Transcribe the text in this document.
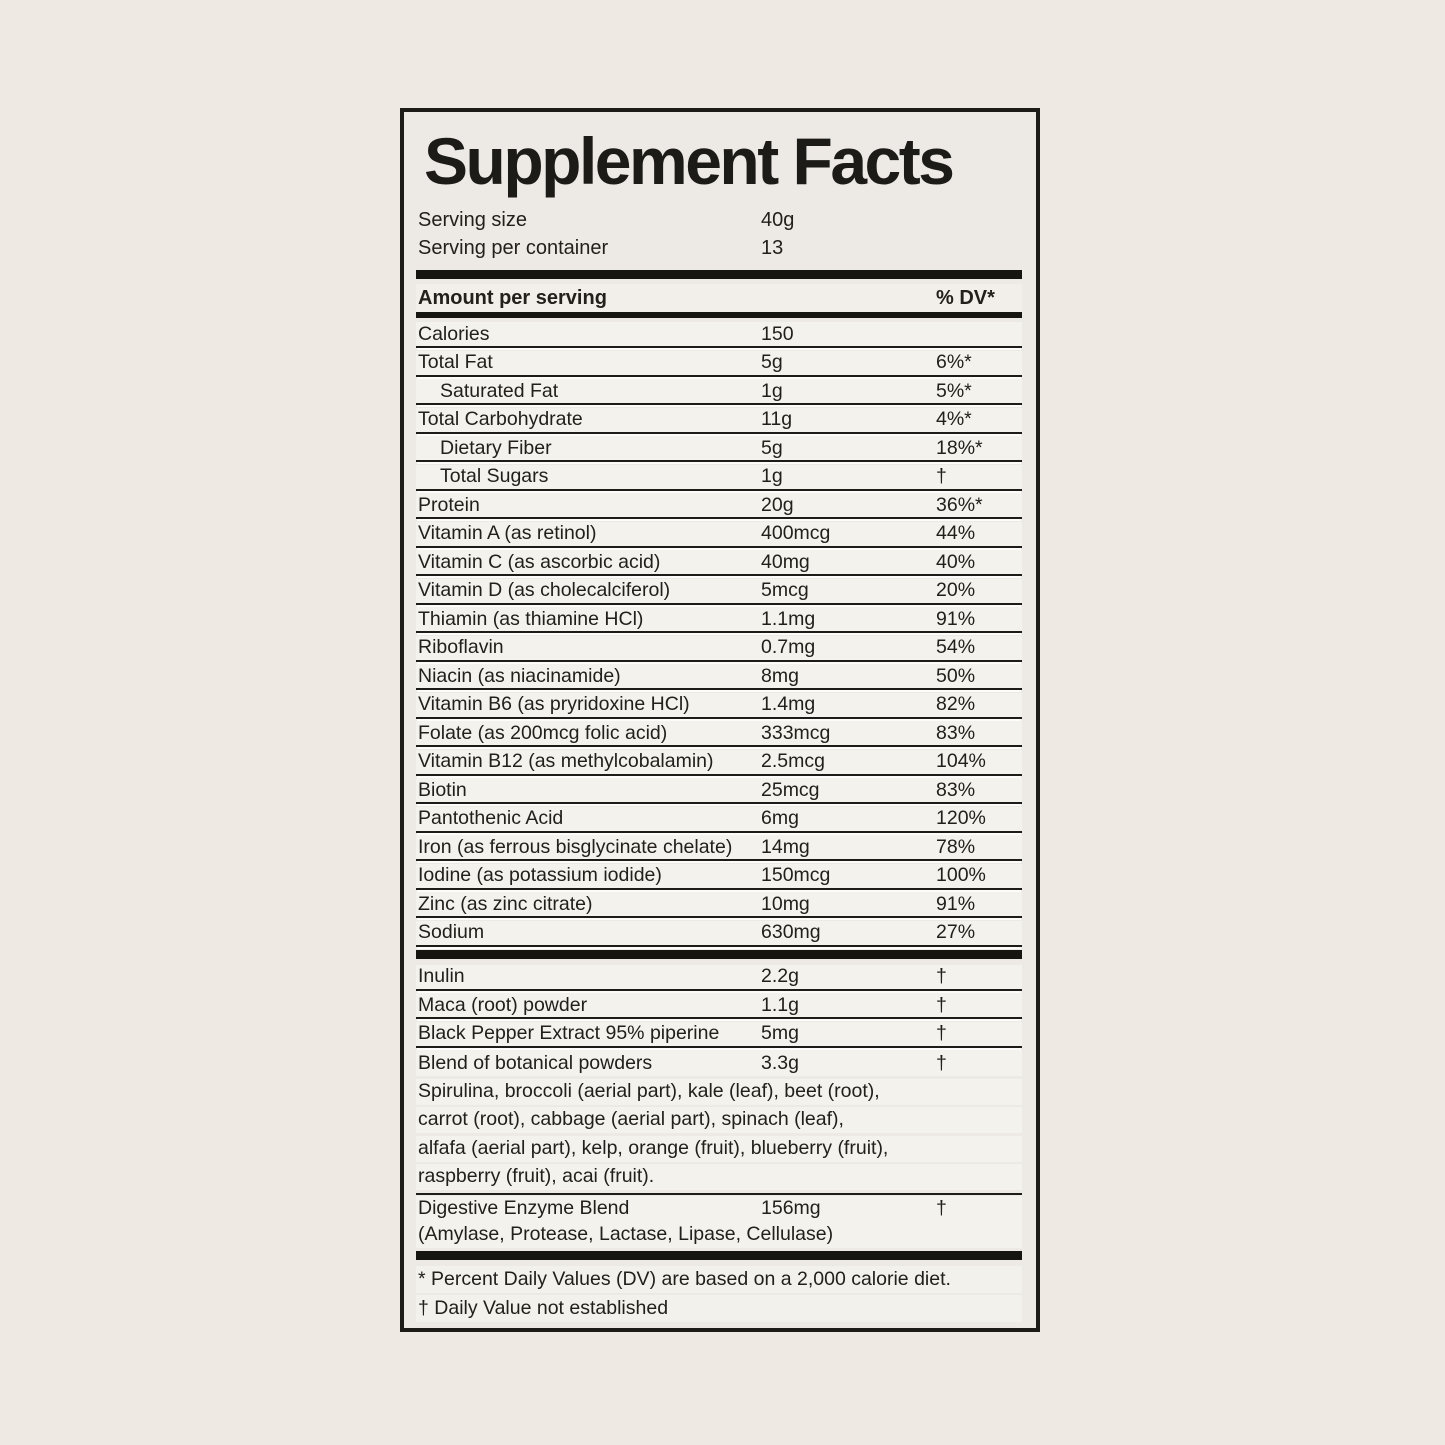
Supplement Facts
Serving size	40g
Serving per container	13
Amount per serving	% DV*
Calories	150
Total Fat	5g	6%*
Saturated Fat	1g	5%*
Total Carbohydrate	11g	4%*
Dietary Fiber	5g	18%*
Total Sugars	1g	†
Protein	20g	36%*
Vitamin A (as retinol)	400mcg	44%
Vitamin C (as ascorbic acid)	40mg	40%
Vitamin D (as cholecalciferol)	5mcg	20%
Thiamin (as thiamine HCl)	1.1mg	91%
Riboflavin	0.7mg	54%
Niacin (as niacinamide)	8mg	50%
Vitamin B6 (as pryridoxine HCl)	1.4mg	82%
Folate (as 200mcg folic acid)	333mcg	83%
Vitamin B12 (as methylcobalamin)	2.5mcg	104%
Biotin	25mcg	83%
Pantothenic Acid	6mg	120%
Iron (as ferrous bisglycinate chelate)	14mg	78%
Iodine (as potassium iodide)	150mcg	100%
Zinc (as zinc citrate)	10mg	91%
Sodium	630mg	27%
Inulin	2.2g	†
Maca (root) powder	1.1g	†
Black Pepper Extract 95% piperine	5mg	†
Blend of botanical powders	3.3g	†
Spirulina, broccoli (aerial part), kale (leaf), beet (root),
carrot (root), cabbage (aerial part), spinach (leaf),
alfafa (aerial part), kelp, orange (fruit), blueberry (fruit),
raspberry (fruit), acai (fruit).
Digestive Enzyme Blend	156mg	†
(Amylase, Protease, Lactase, Lipase, Cellulase)
* Percent Daily Values (DV) are based on a 2,000 calorie diet.
† Daily Value not established
